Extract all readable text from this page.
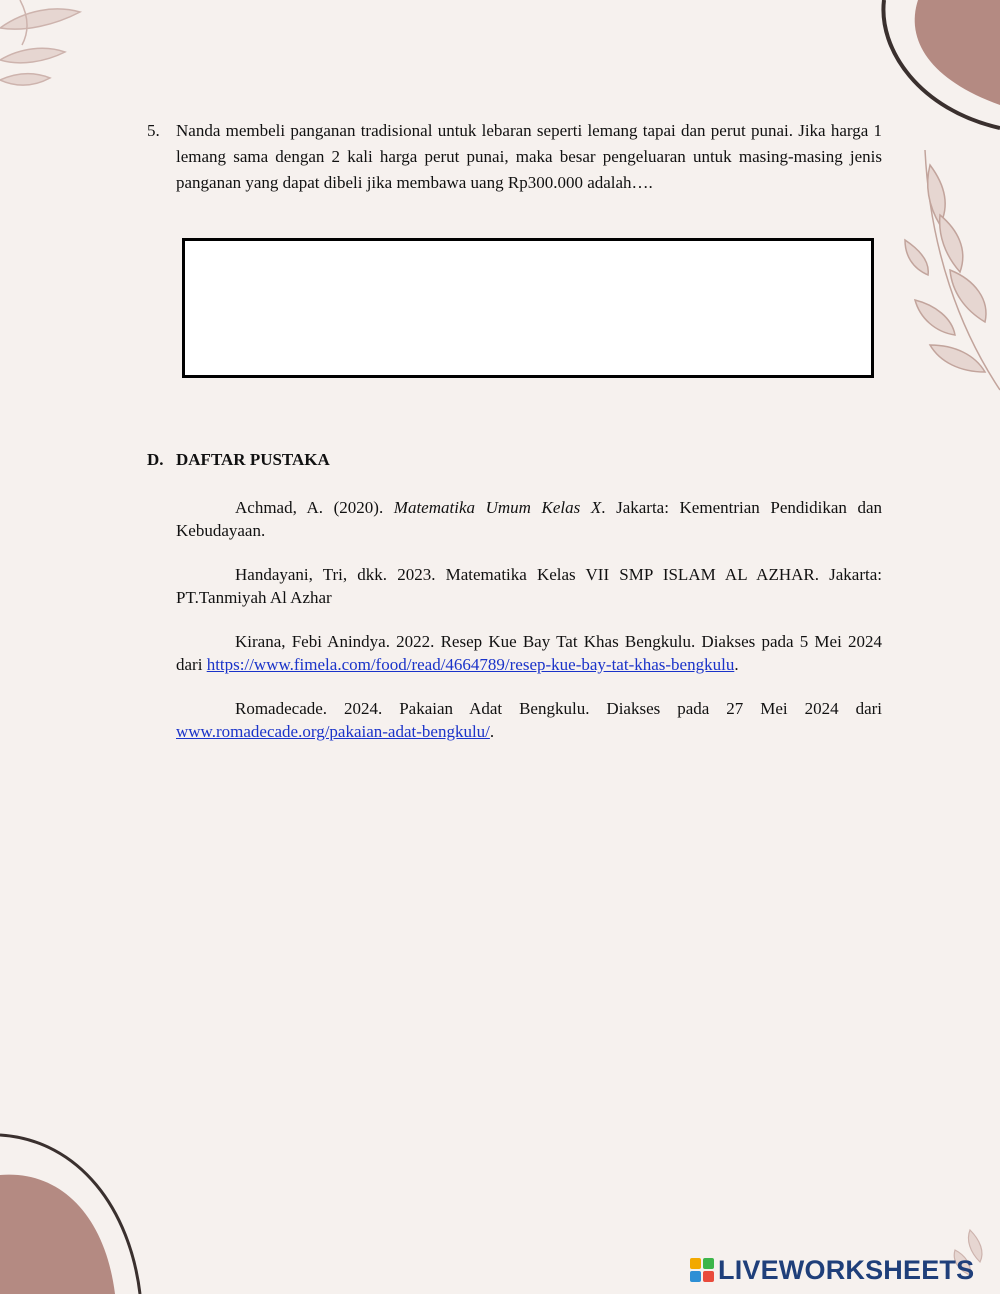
5. Nanda membeli panganan tradisional untuk lebaran seperti lemang tapai dan perut punai. Jika harga 1 lemang sama dengan 2 kali harga perut punai, maka besar pengeluaran untuk masing-masing jenis panganan yang dapat dibeli jika membawa uang Rp300.000 adalah….
D. DAFTAR PUSTAKA

Achmad, A. (2020). Matematika Umum Kelas X. Jakarta: Kementrian Pendidikan dan Kebudayaan.

Handayani, Tri, dkk. 2023. Matematika Kelas VII SMP ISLAM AL AZHAR. Jakarta: PT.Tanmiyah Al Azhar

Kirana, Febi Anindya. 2022. Resep Kue Bay Tat Khas Bengkulu. Diakses pada 5 Mei 2024 dari https://www.fimela.com/food/read/4664789/resep-kue-bay-tat-khas-bengkulu.

Romadecade. 2024. Pakaian Adat Bengkulu. Diakses pada 27 Mei 2024 dari www.romadecade.org/pakaian-adat-bengkulu/.

LIVEWORKSHEETS
